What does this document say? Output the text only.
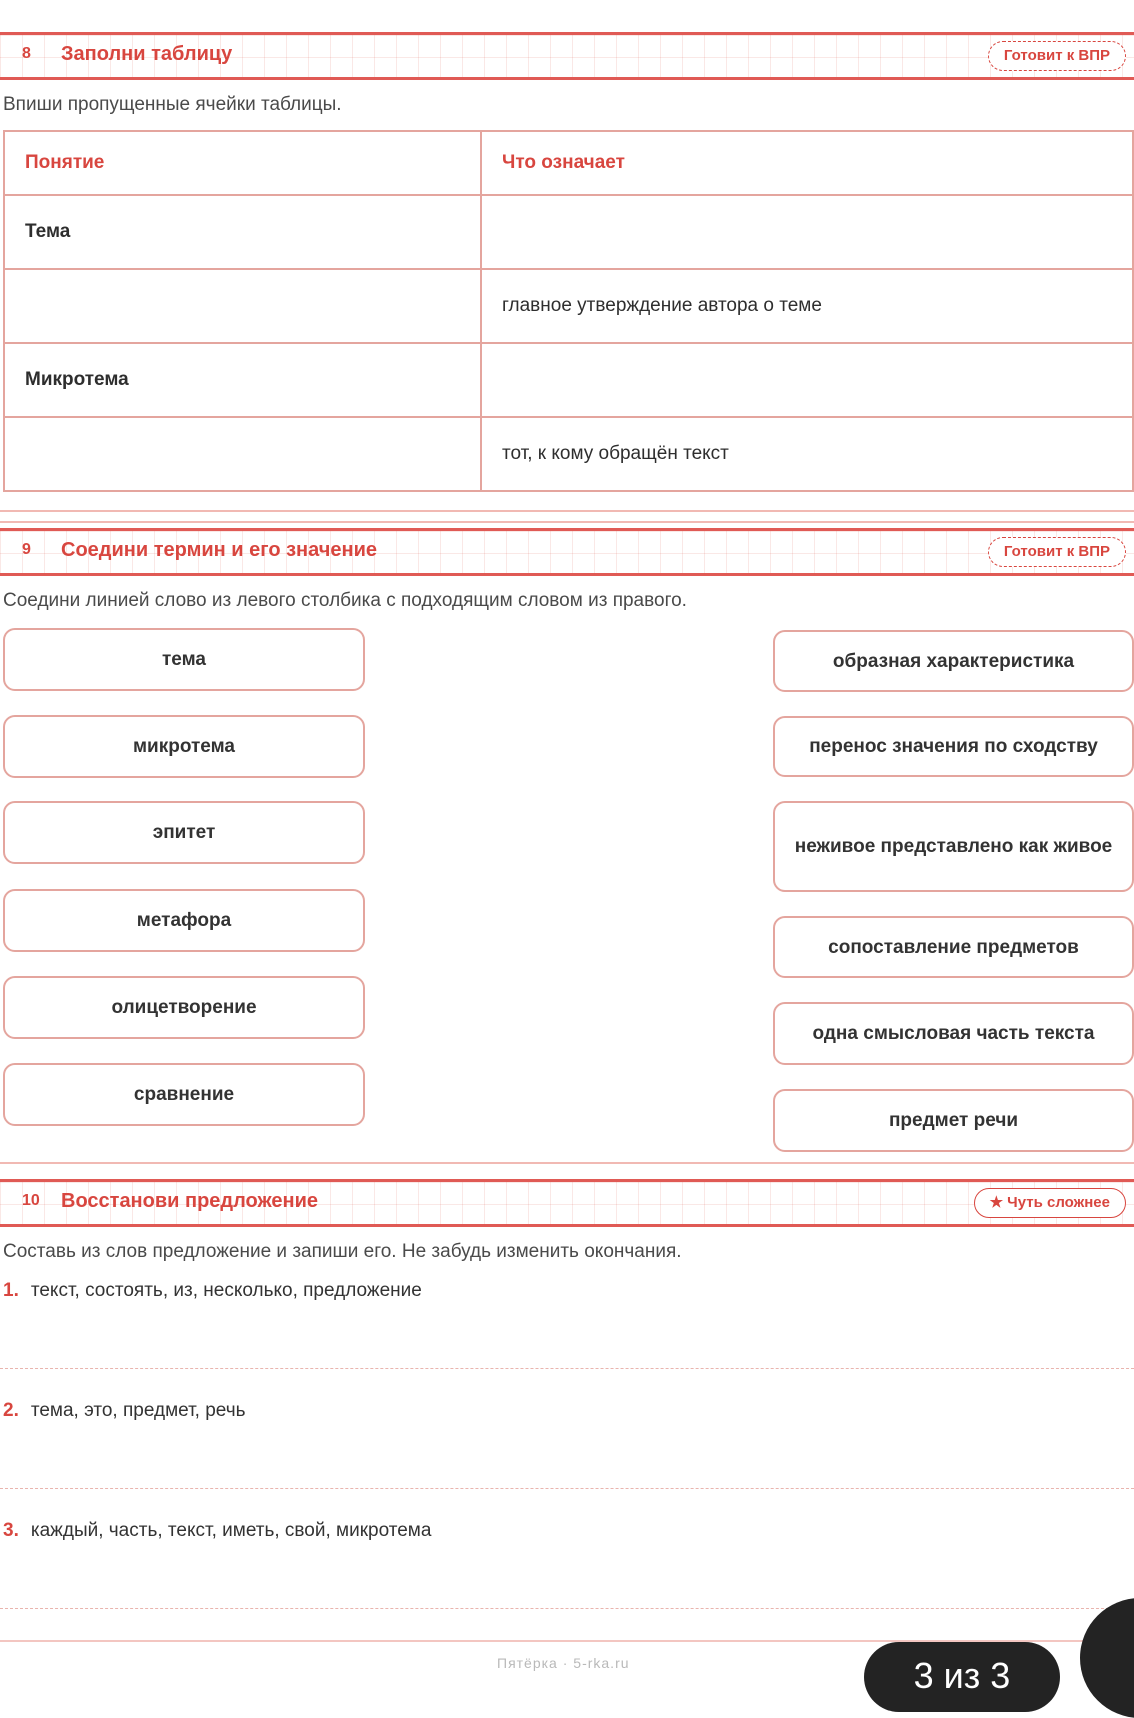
8 Заполни таблицу	Готовит к ВПР
Впиши пропущенные ячейки таблицы.
Понятие	Что означает
Тема	
	главное утверждение автора о теме
Микротема	
	тот, к кому обращён текст
9 Соедини термин и его значение	Готовит к ВПР
Соедини линией слово из левого столбика с подходящим словом из правого.
тема
микротема
эпитет
метафора
олицетворение
сравнение
образная характеристика
перенос значения по сходству
неживое представлено как живое
сопоставление предметов
одна смысловая часть текста
предмет речи
10 Восстанови предложение	★ Чуть сложнее
Составь из слов предложение и запиши его. Не забудь изменить окончания.
1. текст, состоять, из, несколько, предложение
2. тема, это, предмет, речь
3. каждый, часть, текст, иметь, свой, микротема
Пятёрка · 5-rka.ru	3 из 3
